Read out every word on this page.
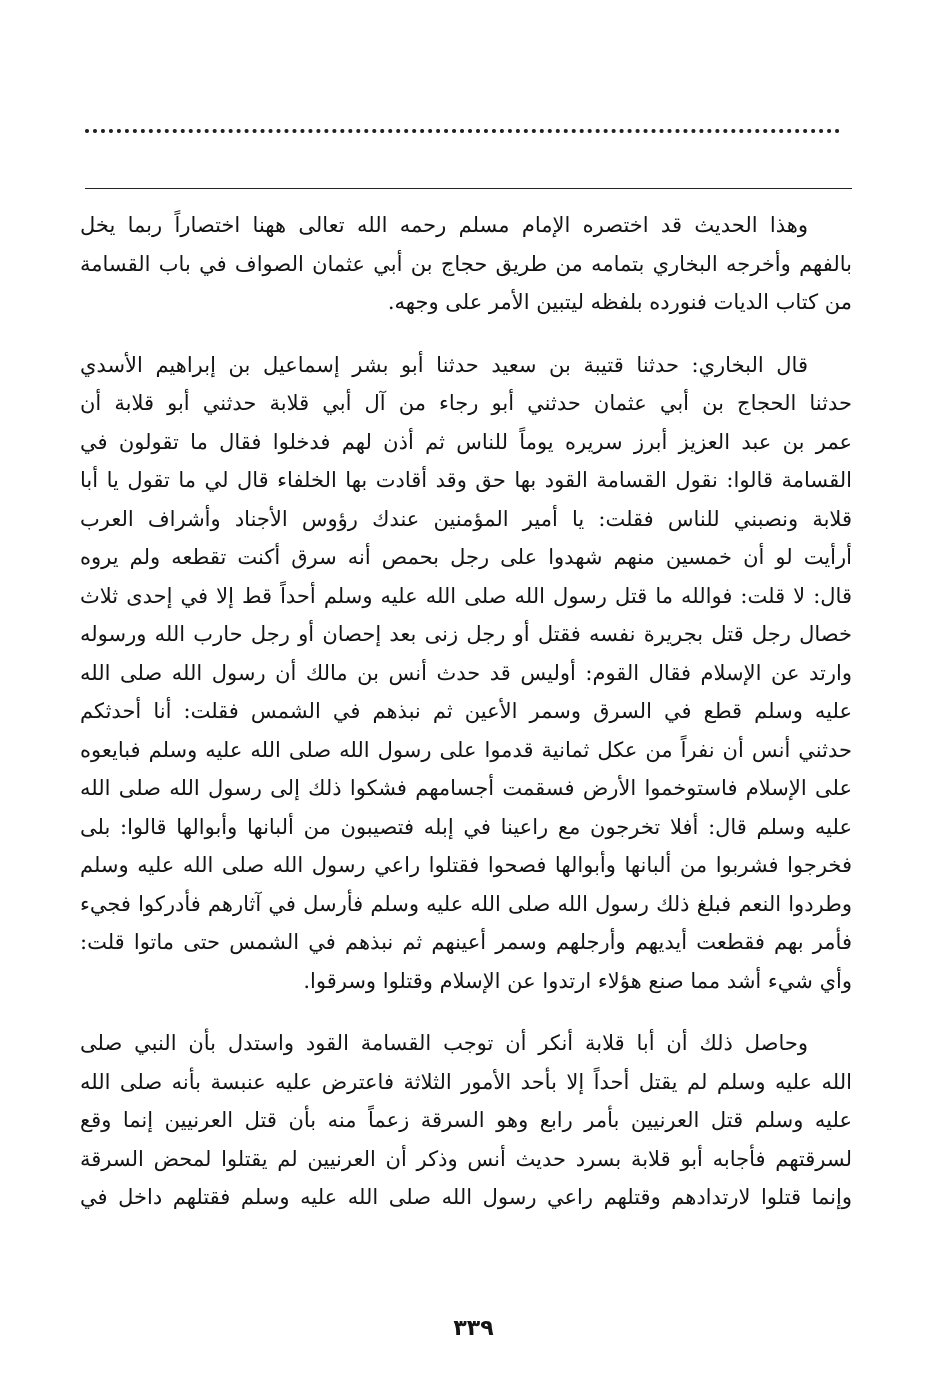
وهذا الحديث قد اختصره الإمام مسلم رحمه الله تعالى ههنا اختصاراً ربما يخل
بالفهم وأخرجه البخاري بتمامه من طريق حجاج بن أبي عثمان الصواف في باب القسامة
من كتاب الديات فنورده بلفظه ليتبين الأمر على وجهه.

قال البخاري: حدثنا قتيبة بن سعيد حدثنا أبو بشر إسماعيل بن إبراهيم الأسدي
حدثنا الحجاج بن أبي عثمان حدثني أبو رجاء من آل أبي قلابة حدثني أبو قلابة أن
عمر بن عبد العزيز أبرز سريره يوماً للناس ثم أذن لهم فدخلوا فقال ما تقولون في
القسامة قالوا: نقول القسامة القود بها حق وقد أقادت بها الخلفاء قال لي ما تقول يا أبا
قلابة ونصبني للناس فقلت: يا أمير المؤمنين عندك رؤوس الأجناد وأشراف العرب
أرأيت لو أن خمسين منهم شهدوا على رجل بحمص أنه سرق أكنت تقطعه ولم يروه
قال: لا قلت: فوالله ما قتل رسول الله صلى الله عليه وسلم أحداً قط إلا في إحدى ثلاث
خصال رجل قتل بجريرة نفسه فقتل أو رجل زنى بعد إحصان أو رجل حارب الله ورسوله
وارتد عن الإسلام فقال القوم: أوليس قد حدث أنس بن مالك أن رسول الله صلى الله
عليه وسلم قطع في السرق وسمر الأعين ثم نبذهم في الشمس فقلت: أنا أحدثكم
حدثني أنس أن نفراً من عكل ثمانية قدموا على رسول الله صلى الله عليه وسلم فبايعوه
على الإسلام فاستوخموا الأرض فسقمت أجسامهم فشكوا ذلك إلى رسول الله صلى الله
عليه وسلم قال: أفلا تخرجون مع راعينا في إبله فتصيبون من ألبانها وأبوالها قالوا: بلى
فخرجوا فشربوا من ألبانها وأبوالها فصحوا فقتلوا راعي رسول الله صلى الله عليه وسلم
وطردوا النعم فبلغ ذلك رسول الله صلى الله عليه وسلم فأرسل في آثارهم فأدركوا فجيء
فأمر بهم فقطعت أيديهم وأرجلهم وسمر أعينهم ثم نبذهم في الشمس حتى ماتوا قلت:
وأي شيء أشد مما صنع هؤلاء ارتدوا عن الإسلام وقتلوا وسرقوا.

وحاصل ذلك أن أبا قلابة أنكر أن توجب القسامة القود واستدل بأن النبي صلى
الله عليه وسلم لم يقتل أحداً إلا بأحد الأمور الثلاثة فاعترض عليه عنبسة بأنه صلى الله
عليه وسلم قتل العرنيين بأمر رابع وهو السرقة زعماً منه بأن قتل العرنيين إنما وقع
لسرقتهم فأجابه أبو قلابة بسرد حديث أنس وذكر أن العرنيين لم يقتلوا لمحض السرقة
وإنما قتلوا لارتدادهم وقتلهم راعي رسول الله صلى الله عليه وسلم فقتلهم داخل في

٣٣٩
